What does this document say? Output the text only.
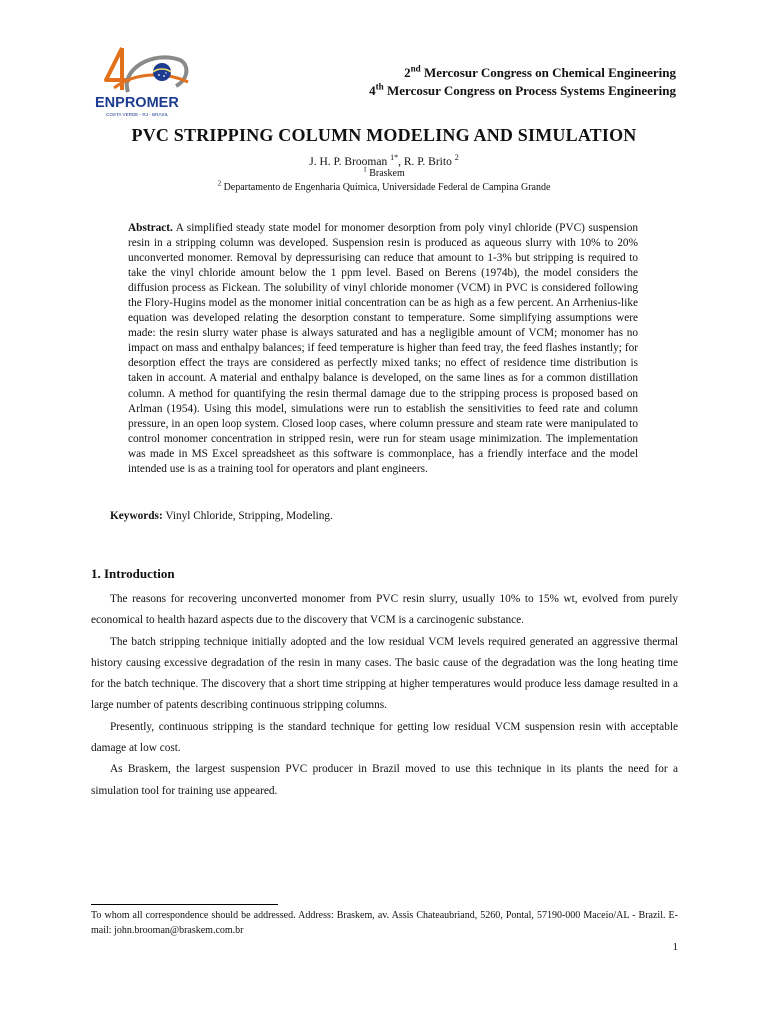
ENPROMER
COSTA VERDE - RJ - BRASIL
2nd Mercosur Congress on Chemical Engineering
4th Mercosur Congress on Process Systems Engineering
PVC STRIPPING COLUMN MODELING AND SIMULATION
J. H. P. Brooman $^{1*}$, R. P. Brito $^2$
$^1$ Braskem
$^2$ Departamento de Engenharia Química, Universidade Federal de Campina Grande
Abstract. A simplified steady state model for monomer desorption from poly vinyl chloride (PVC) suspension resin in a stripping column was developed. Suspension resin is produced as aqueous slurry with 10% to 20% unconverted monomer. Removal by depressurising can reduce that amount to 1-3% but stripping is required to take the vinyl chloride amount below the 1 ppm level. Based on Berens (1974b), the model considers the diffusion process as Fickean. The solubility of vinyl chloride monomer (VCM) in PVC is considered following the Flory-Hugins model as the monomer initial concentration can be as high as a few percent. An Arrhenius-like equation was developed relating the desorption constant to temperature. Some simplifying assumptions were made: the resin slurry water phase is always saturated and has a negligible amount of VCM; monomer has no impact on mass and enthalpy balances; if feed temperature is higher than feed tray, the feed flashes instantly; for desorption effect the trays are considered as perfectly mixed tanks; no effect of residence time distribution is taken in account. A material and enthalpy balance is developed, on the same lines as for a common distillation column. A method for quantifying the resin thermal damage due to the stripping process is proposed based on Arlman (1954). Using this model, simulations were run to establish the sensitivities to feed rate and column pressure, in an open loop system. Closed loop cases, where column pressure and steam rate were manipulated to control monomer concentration in stripped resin, were run for steam usage minimization. The implementation was made in MS Excel spreadsheet as this software is commonplace, has a friendly interface and the model intended use is as a training tool for operators and plant engineers.
Keywords: Vinyl Chloride, Stripping, Modeling.
1. Introduction

The reasons for recovering unconverted monomer from PVC resin slurry, usually 10% to 15% wt, evolved from purely economical to health hazard aspects due to the discovery that VCM is a carcinogenic substance.

The batch stripping technique initially adopted and the low residual VCM levels required generated an aggressive thermal history causing excessive degradation of the resin in many cases. The basic cause of the degradation was the long heating time for the batch technique. The discovery that a short time stripping at higher temperatures would produce less damage resulted in a large number of patents describing continuous stripping columns.

Presently, continuous stripping is the standard technique for getting low residual VCM suspension resin with acceptable damage at low cost.

As Braskem, the largest suspension PVC producer in Brazil moved to use this technique in its plants the need for a simulation tool for training use appeared.

To whom all correspondence should be addressed. Address: Braskem, av. Assis Chateaubriand, 5260, Pontal, 57190-000 Maceio/AL - Brazil. E-mail: john.brooman@braskem.com.br
1
